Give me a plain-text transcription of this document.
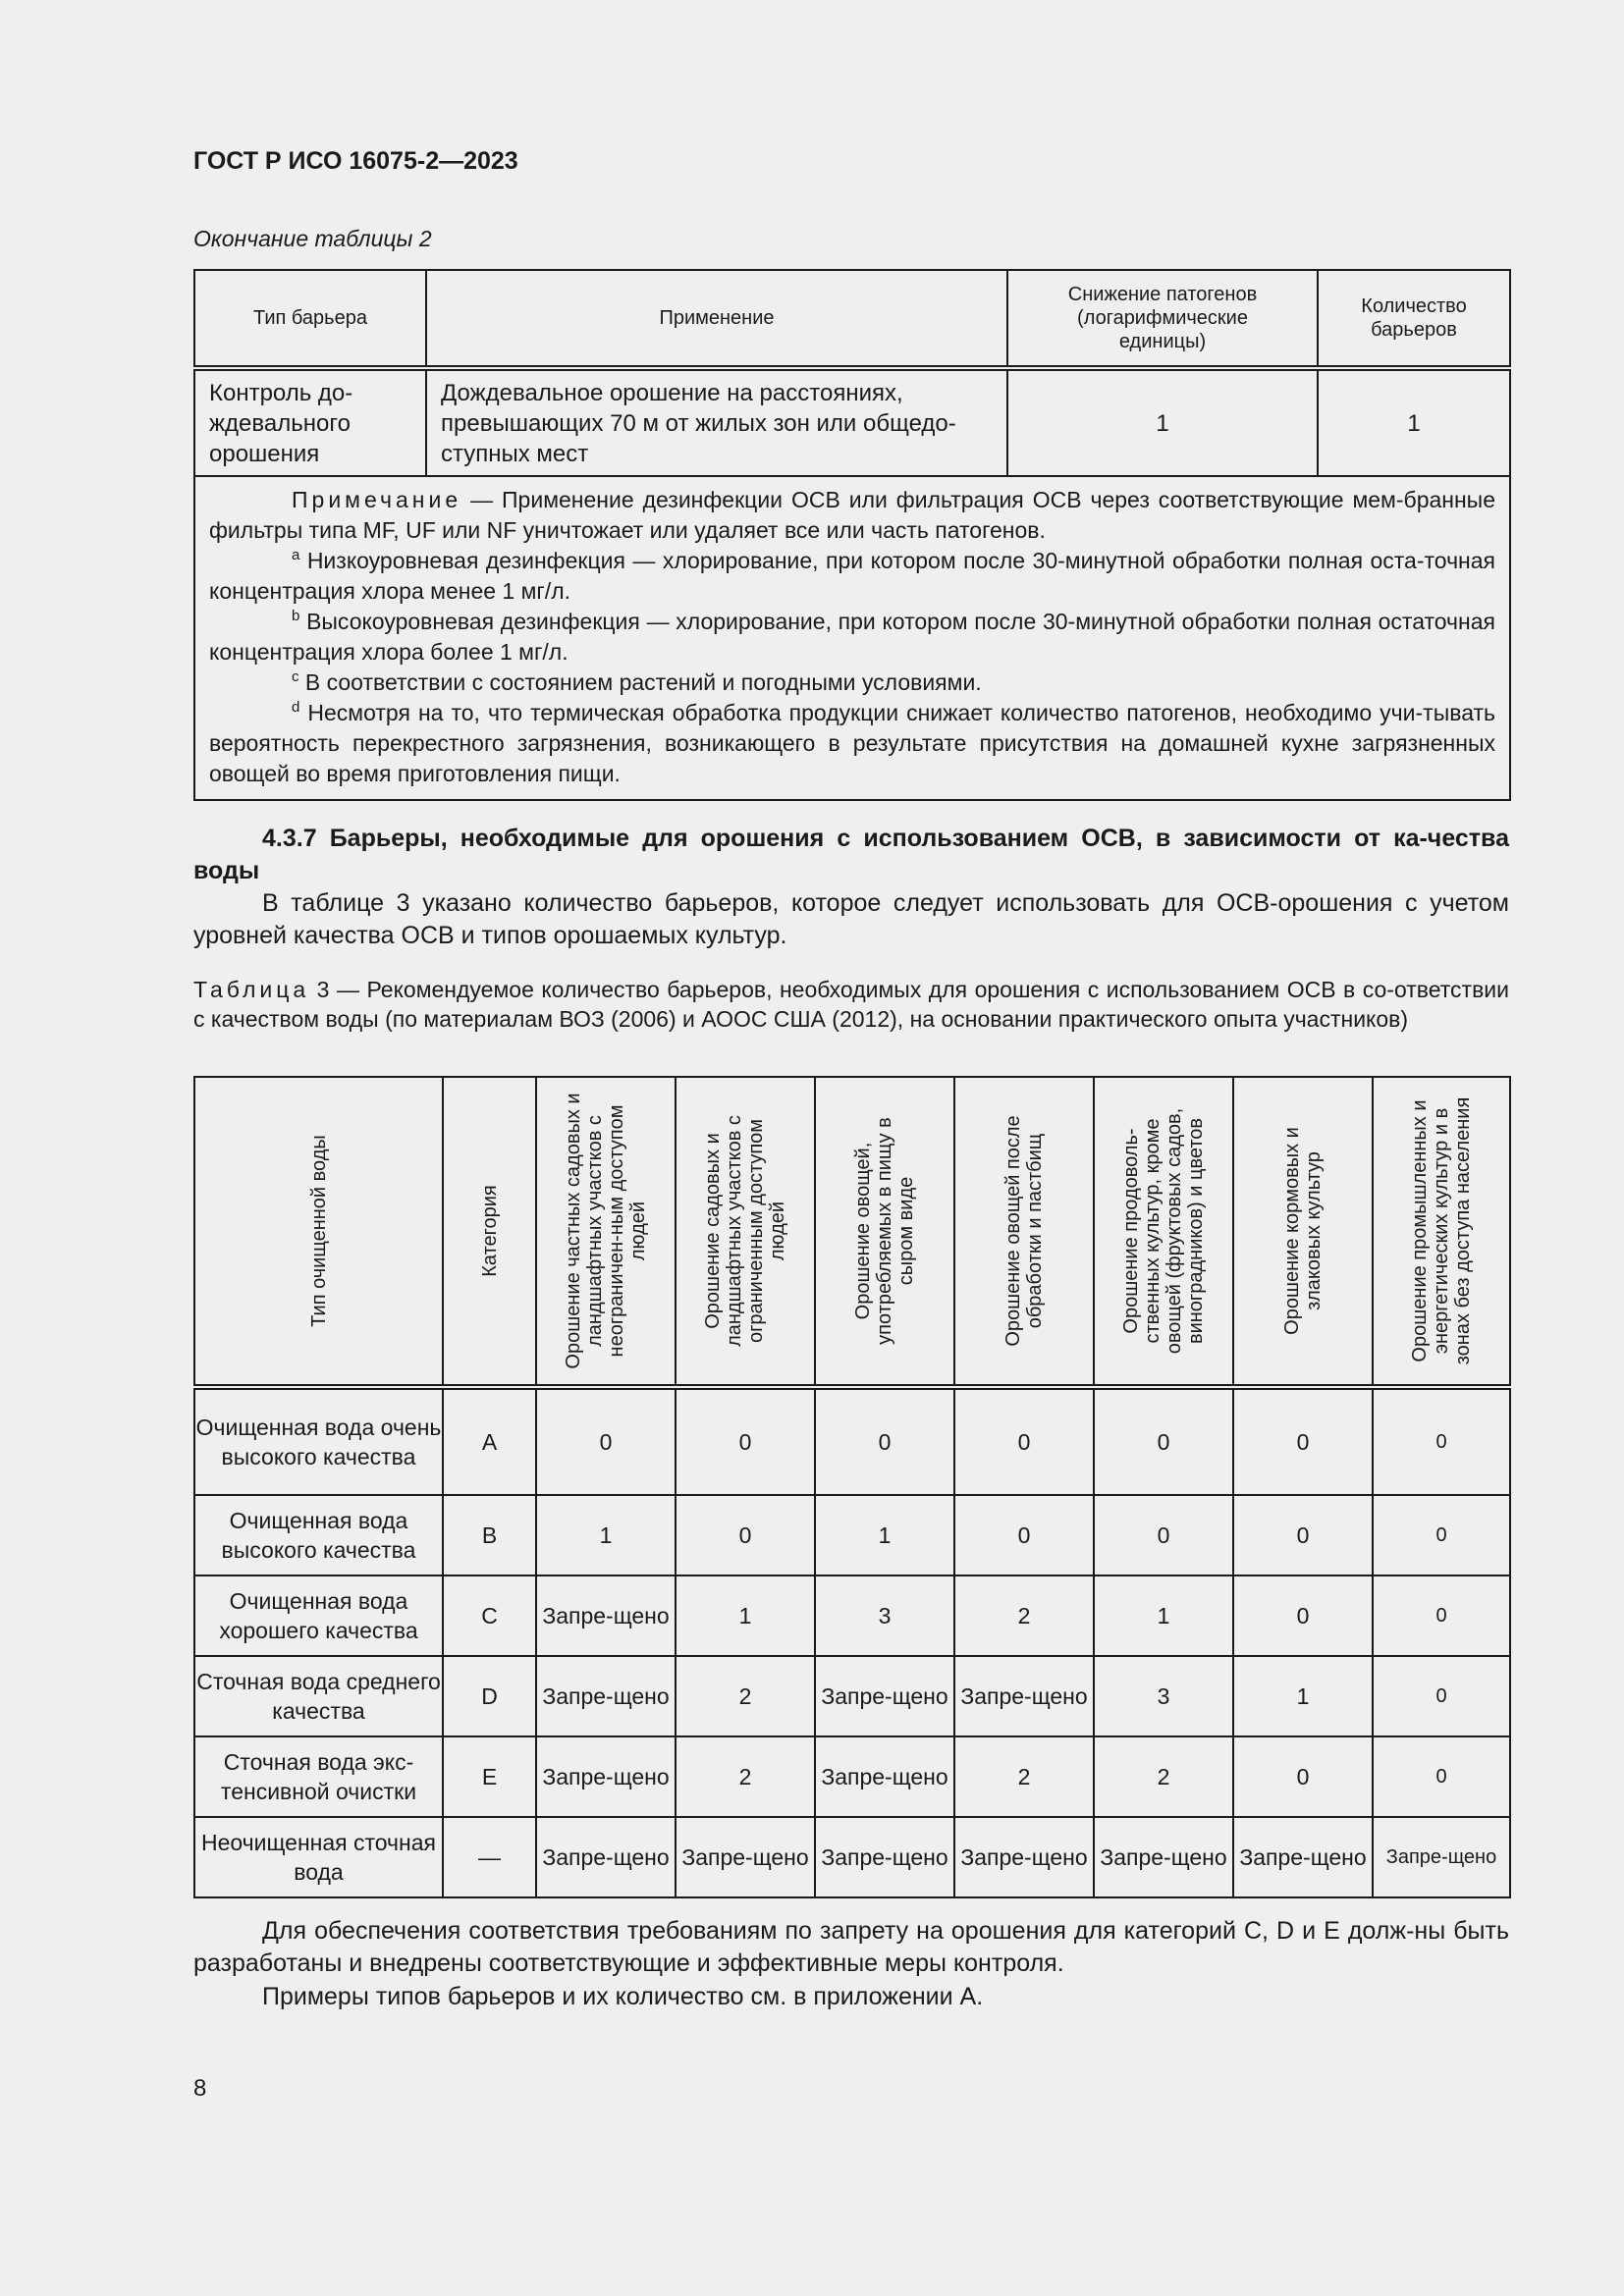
ГОСТ Р ИСО 16075-2—2023
Окончание таблицы 2
Тип барьера	Применение	Снижение патогенов (логарифмические единицы)	Количество барьеров
Контроль до-ждевального орошения	Дождевальное орошение на расстояниях, превышающих 70 м от жилых зон или общедо-ступных мест	1	1

Примечание — Применение дезинфекции ОСВ или фильтрация ОСВ через соответствующие мем-бранные фильтры типа MF, UF или NF уничтожает или удаляет все или часть патогенов.

$^a$ Низкоуровневая дезинфекция — хлорирование, при котором после 30-минутной обработки полная оста-точная концентрация хлора менее 1 мг/л.

$^b$ Высокоуровневая дезинфекция — хлорирование, при котором после 30-минутной обработки полная остаточная концентрация хлора более 1 мг/л.

$^c$ В соответствии с состоянием растений и погодными условиями.

$^d$ Несмотря на то, что термическая обработка продукции снижает количество патогенов, необходимо учи-тывать вероятность перекрестного загрязнения, возникающего в результате присутствия на домашней кухне загрязненных овощей во время приготовления пищи.			

4.3.7 Барьеры, необходимые для орошения с использованием ОСВ, в зависимости от ка-чества воды
В таблице 3 указано количество барьеров, которое следует использовать для ОСВ-орошения с учетом уровней качества ОСВ и типов орошаемых культур.
Таблица 3 — Рекомендуемое количество барьеров, необходимых для орошения с использованием ОСВ в со-ответствии с качеством воды (по материалам ВОЗ (2006) и АООС США (2012), на основании практического опыта участников)
Тип очищенной воды	Категория	Орошение частных садовых и ландшафтных участков с неограничен-ным доступом людей	Орошение садовых и ландшафтных участков с ограниченным доступом людей	Орошение овощей, употребляемых в пищу в сыром виде	Орошение овощей после обработки и пастбищ	Орошение продоволь-ственных культур, кроме овощей (фруктовых садов, виноградников) и цветов	Орошение кормовых и злаковых культур	Орошение промышленных и энергетических культур и в зонах без доступа населения

Очищенная вода очень высокого качества	A	0	0	0	0	0	0	0
Очищенная вода высокого качества	B	1	0	1	0	0	0	0
Очищенная вода хорошего качества	C	Запре-щено	1	3	2	1	0	0
Сточная вода среднего качества	D	Запре-щено	2	Запре-щено	Запре-щено	3	1	0
Сточная вода экс-тенсивной очистки	E	Запре-щено	2	Запре-щено	2	2	0	0
Неочищенная сточная вода	—	Запре-щено	Запре-щено	Запре-щено	Запре-щено	Запре-щено	Запре-щено	Запре-щено
Для обеспечения соответствия требованиям по запрету на орошения для категорий C, D и E долж-ны быть разработаны и внедрены соответствующие и эффективные меры контроля.
Примеры типов барьеров и их количество см. в приложении А.
8
